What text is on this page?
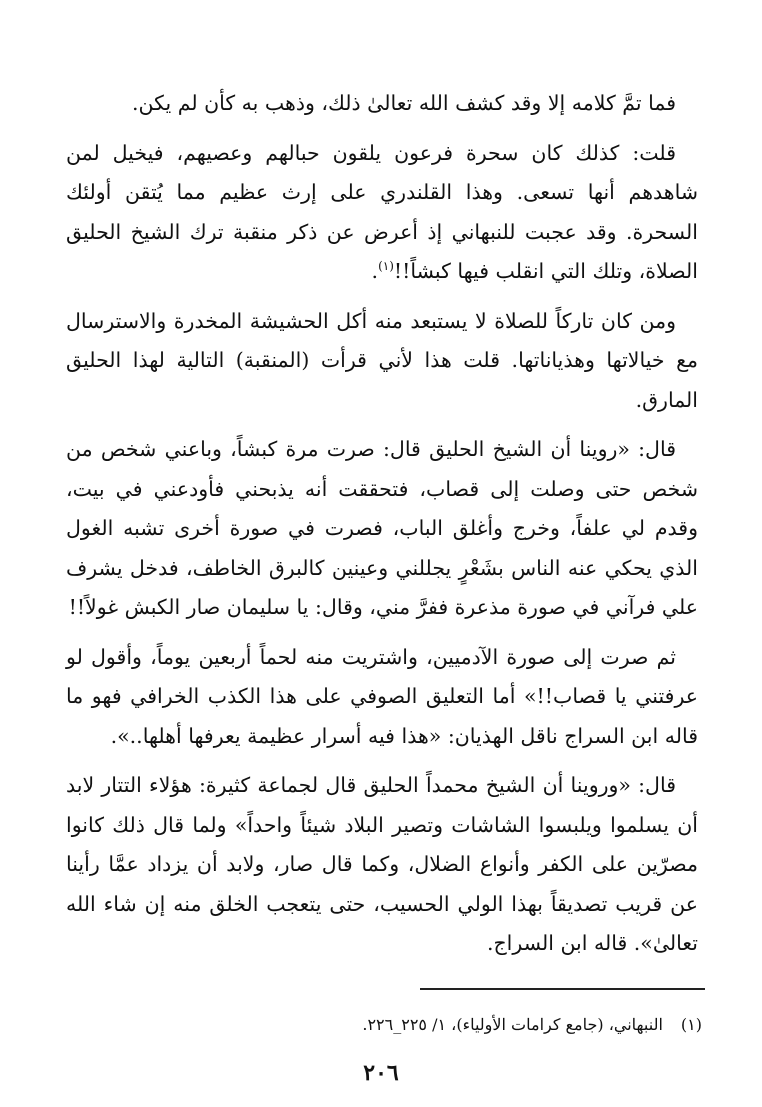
فما تمَّ كلامه إلا وقد كشف الله تعالىٰ ذلك، وذهب به كأن لم يكن.

قلت: كذلك كان سحرة فرعون يلقون حبالهم وعصيهم، فيخيل لمن شاهدهم أنها تسعى. وهذا القلندري على إرث عظيم مما يُتقن أولئك السحرة. وقد عجبت للنبهاني إذ أعرض عن ذكر منقبة ترك الشيخ الحليق الصلاة، وتلك التي انقلب فيها كبشاً!!$^{(١)}$.

ومن كان تاركاً للصلاة لا يستبعد منه أكل الحشيشة المخدرة والاسترسال مع خيالاتها وهذياناتها. قلت هذا لأني قرأت (المنقبة) التالية لهذا الحليق المارق.

قال: «روينا أن الشيخ الحليق قال: صرت مرة كبشاً، وباعني شخص من شخص حتى وصلت إلى قصاب، فتحققت أنه يذبحني فأودعني في بيت، وقدم لي علفاً، وخرج وأغلق الباب، فصرت في صورة أخرى تشبه الغول الذي يحكي عنه الناس بشَعْرٍ يجللني وعينين كالبرق الخاطف، فدخل يشرف علي فرآني في صورة مذعرة ففرَّ مني، وقال: يا سليمان صار الكبش غولاً!!

ثم صرت إلى صورة الآدميين، واشتريت منه لحماً أربعين يوماً، وأقول لو عرفتني يا قصاب!!» أما التعليق الصوفي على هذا الكذب الخرافي فهو ما قاله ابن السراج ناقل الهذيان: «هذا فيه أسرار عظيمة يعرفها أهلها..».

قال: «وروينا أن الشيخ محمداً الحليق قال لجماعة كثيرة: هؤلاء التتار لابد أن يسلموا ويلبسوا الشاشات وتصير البلاد شيئاً واحداً» ولما قال ذلك كانوا مصرّين على الكفر وأنواع الضلال، وكما قال صار، ولابد أن يزداد عمَّا رأينا عن قريب تصديقاً بهذا الولي الحسيب، حتى يتعجب الخلق منه إن شاء الله تعالىٰ». قاله ابن السراج.

(١)النبهاني، (جامع كرامات الأولياء)، ١/ ٢٢٥_٢٢٦.
٢٠٦
